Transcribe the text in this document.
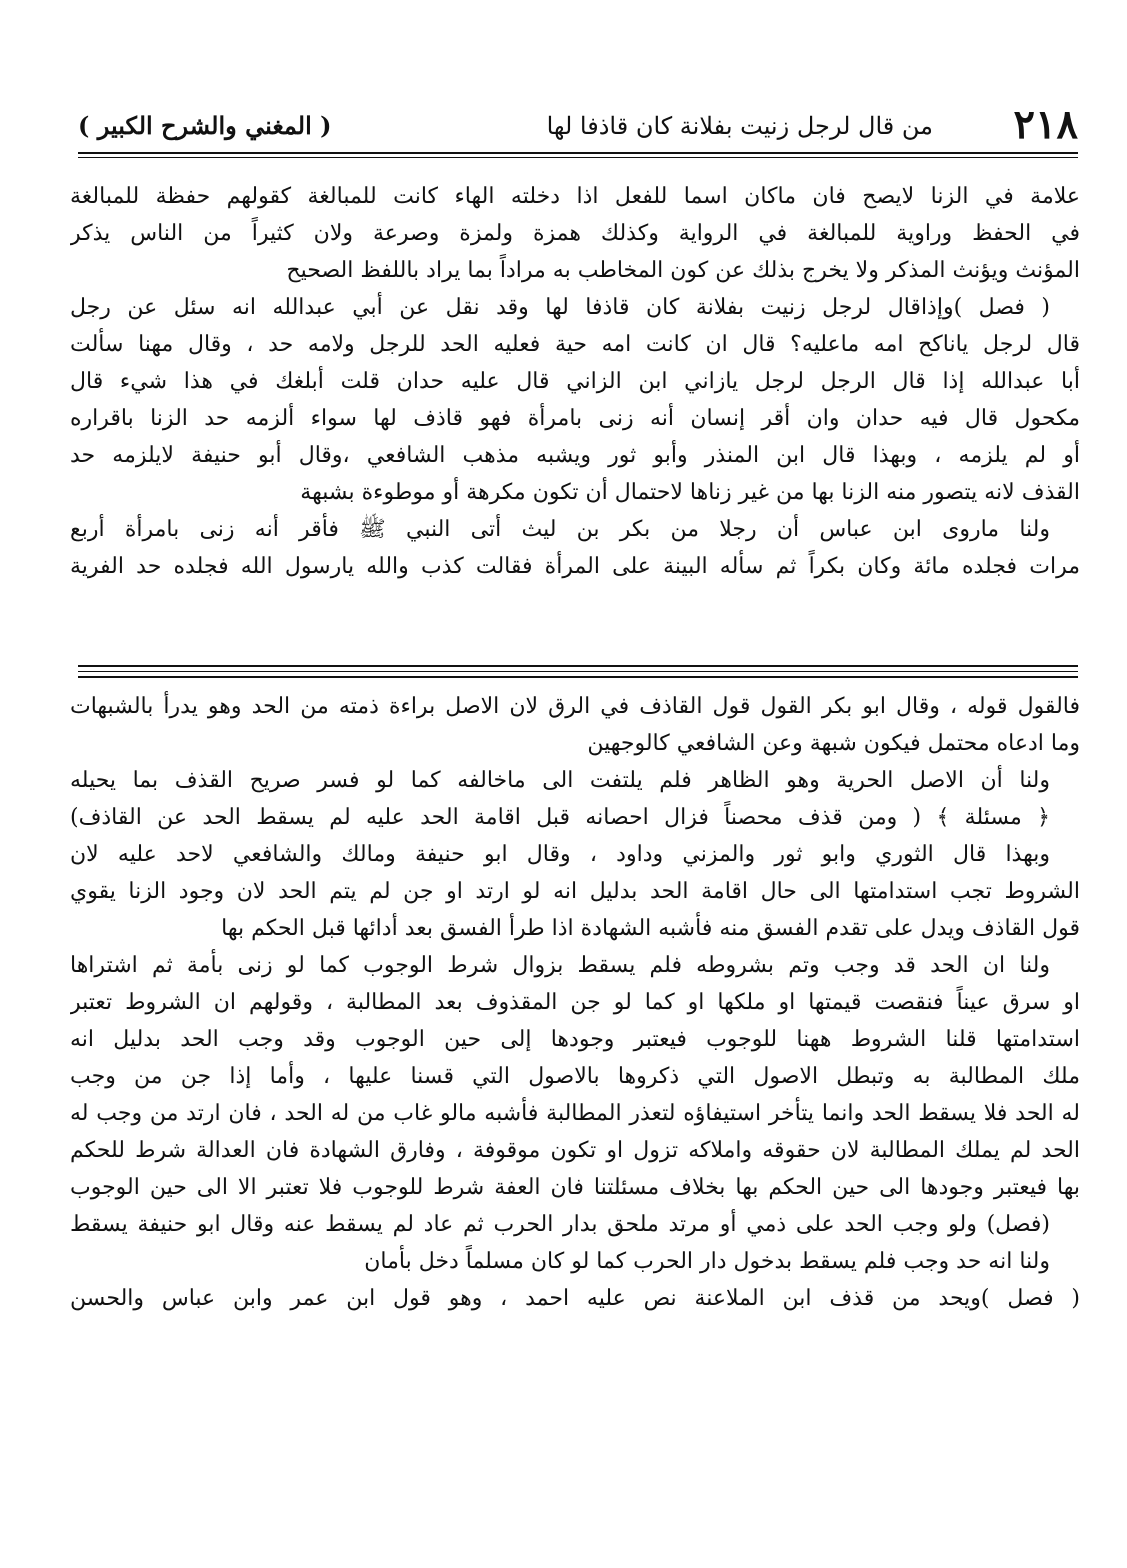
٢١٨
من قال لرجل زنيت بفلانة كان قاذفا لها
( المغني والشرح الكبير )
علامة في الزنا لايصح فان ماكان اسما للفعل اذا دخلته الهاء كانت للمبالغة كقولهم حفظة للمبالغة
في الحفظ وراوية للمبالغة في الرواية وكذلك همزة ولمزة وصرعة ولان كثيراً من الناس يذكر
المؤنث ويؤنث المذكر ولا يخرج بذلك عن كون المخاطب به مراداً بما يراد باللفظ الصحيح
( فصل )وإذاقال لرجل زنيت بفلانة كان قاذفا لها وقد نقل عن أبي عبدالله انه سئل عن رجل
قال لرجل ياناكح امه ماعليه؟ قال ان كانت امه حية فعليه الحد للرجل ولامه حد ، وقال مهنا سألت
أبا عبدالله إذا قال الرجل لرجل يازاني ابن الزاني قال عليه حدان قلت أبلغك في هذا شيء قال
مكحول قال فيه حدان وان أقر إنسان أنه زنى بامرأة فهو قاذف لها سواء ألزمه حد الزنا باقراره
أو لم يلزمه ، وبهذا قال ابن المنذر وأبو ثور ويشبه مذهب الشافعي ،وقال أبو حنيفة لايلزمه حد
القذف لانه يتصور منه الزنا بها من غير زناها لاحتمال أن تكون مكرهة أو موطوءة بشبهة
ولنا ماروى ابن عباس أن رجلا من بكر بن ليث أتى النبي ﷺ فأقر أنه زنى بامرأة أربع
مرات فجلده مائة وكان بكراً ثم سأله البينة على المرأة فقالت كذب والله يارسول الله فجلده حد الفرية
فالقول قوله ، وقال ابو بكر القول قول القاذف في الرق لان الاصل براءة ذمته من الحد وهو يدرأ بالشبهات
وما ادعاه محتمل فيكون شبهة وعن الشافعي كالوجهين
ولنا أن الاصل الحرية وهو الظاهر فلم يلتفت الى ماخالفه كما لو فسر صريح القذف بما يحيله
﴿ مسئلة ﴾ ( ومن قذف محصناً فزال احصانه قبل اقامة الحد عليه لم يسقط الحد عن القاذف)
وبهذا قال الثوري وابو ثور والمزني وداود ، وقال ابو حنيفة ومالك والشافعي لاحد عليه لان
الشروط تجب استدامتها الى حال اقامة الحد بدليل انه لو ارتد او جن لم يتم الحد لان وجود الزنا يقوي
قول القاذف ويدل على تقدم الفسق منه فأشبه الشهادة اذا طرأ الفسق بعد أدائها قبل الحكم بها
ولنا ان الحد قد وجب وتم بشروطه فلم يسقط بزوال شرط الوجوب كما لو زنى بأمة ثم اشتراها
او سرق عيناً فنقصت قيمتها او ملكها او كما لو جن المقذوف بعد المطالبة ، وقولهم ان الشروط تعتبر
استدامتها قلنا الشروط ههنا للوجوب فيعتبر وجودها إلى حين الوجوب وقد وجب الحد بدليل انه
ملك المطالبة به وتبطل الاصول التي ذكروها بالاصول التي قسنا عليها ، وأما إذا جن من وجب
له الحد فلا يسقط الحد وانما يتأخر استيفاؤه لتعذر المطالبة فأشبه مالو غاب من له الحد ، فان ارتد من وجب له
الحد لم يملك المطالبة لان حقوقه واملاكه تزول او تكون موقوفة ، وفارق الشهادة فان العدالة شرط للحكم
بها فيعتبر وجودها الى حين الحكم بها بخلاف مسئلتنا فان العفة شرط للوجوب فلا تعتبر الا الى حين الوجوب
(فصل) ولو وجب الحد على ذمي أو مرتد ملحق بدار الحرب ثم عاد لم يسقط عنه وقال ابو حنيفة يسقط
ولنا انه حد وجب فلم يسقط بدخول دار الحرب كما لو كان مسلماً دخل بأمان
( فصل )ويحد من قذف ابن الملاعنة نص عليه احمد ، وهو قول ابن عمر وابن عباس والحسن
